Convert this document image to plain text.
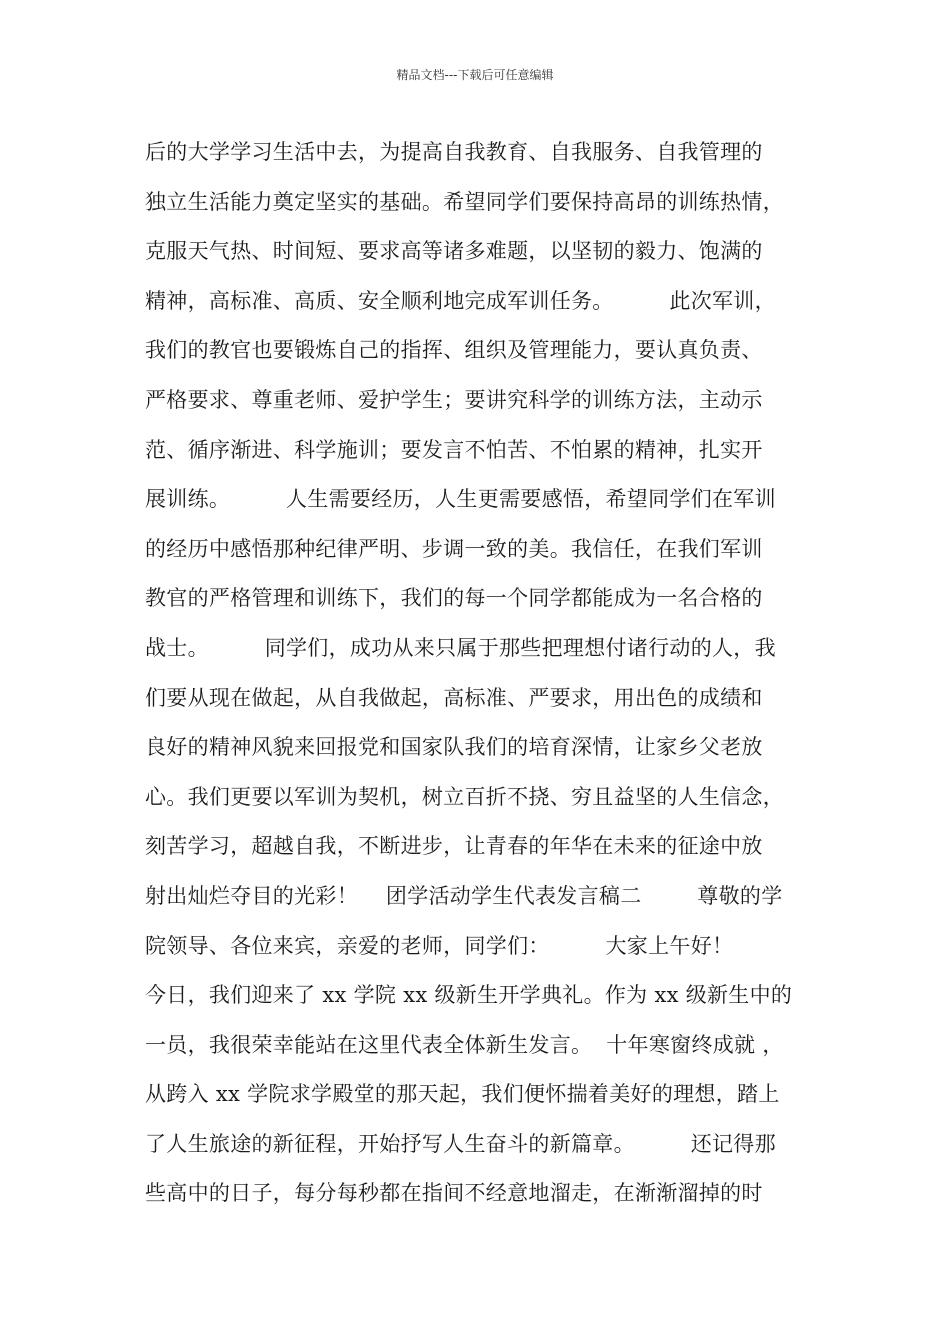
精品文档---下载后可任意编辑
后的大学学习生活中去，为提高自我教育、自我服务、自我管理的
独立生活能力奠定坚实的基础。希望同学们要保持高昂的训练热情，
克服天气热、时间短、要求高等诸多难题，以坚韧的毅力、饱满的
精神，高标准、高质、安全顺利地完成军训任务。        此次军训，
我们的教官也要锻炼自己的指挥、组织及管理能力，要认真负责、
严格要求、尊重老师、爱护学生；要讲究科学的训练方法，主动示
范、循序渐进、科学施训；要发言不怕苦、不怕累的精神，扎实开
展训练。        人生需要经历，人生更需要感悟，希望同学们在军训
的经历中感悟那种纪律严明、步调一致的美。我信任，在我们军训
教官的严格管理和训练下，我们的每一个同学都能成为一名合格的
战士。        同学们，成功从来只属于那些把理想付诸行动的人，我
们要从现在做起，从自我做起，高标准、严要求，用出色的成绩和
良好的精神风貌来回报党和国家队我们的培育深情，让家乡父老放
心。我们更要以军训为契机，树立百折不挠、穷且益坚的人生信念，
刻苦学习，超越自我，不断进步，让青春的年华在未来的征途中放
射出灿烂夺目的光彩！    团学活动学生代表发言稿二        尊敬的学
院领导、各位来宾，亲爱的老师，同学们：        大家上午好！
今日，我们迎来了 xx 学院 xx 级新生开学典礼。作为 xx 级新生中的
一员，我很荣幸能站在这里代表全体新生发言。  十年寒窗终成就 ，
从跨入 xx 学院求学殿堂的那天起，我们便怀揣着美好的理想，踏上
了人生旅途的新征程，开始抒写人生奋斗的新篇章。        还记得那
些高中的日子，每分每秒都在指间不经意地溜走，在渐渐溜掉的时
